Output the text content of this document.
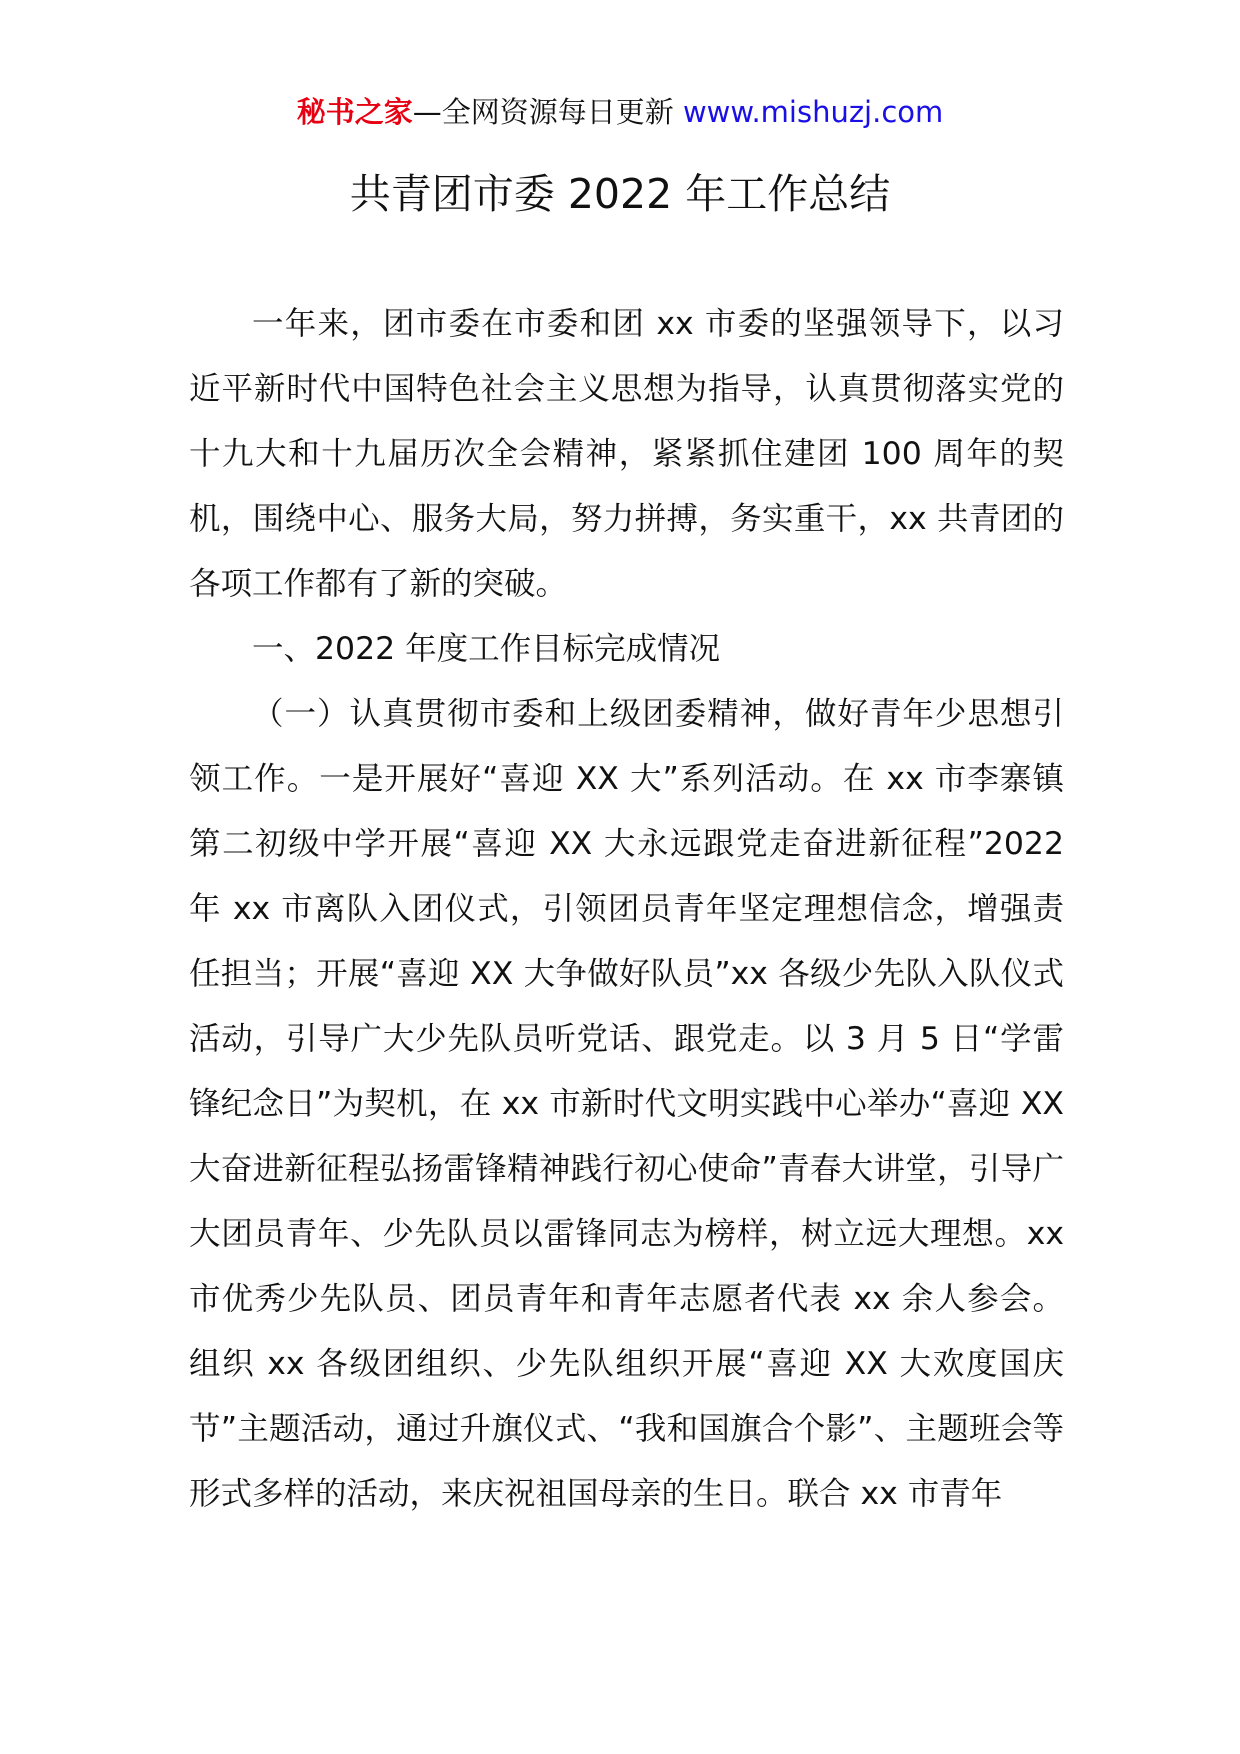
秘书之家—全网资源每日更新 www.mishuzj.com
共青团市委 2022 年工作总结

一年来，团市委在市委和团 xx 市委的坚强领导下，以习近平新时代中国特色社会主义思想为指导，认真贯彻落实党的十九大和十九届历次全会精神，紧紧抓住建团 100 周年的契机，围绕中心、服务大局，努力拼搏，务实重干，xx 共青团的各项工作都有了新的突破。

一、2022 年度工作目标完成情况

（一）认真贯彻市委和上级团委精神，做好青年少思想引领工作。一是开展好“喜迎 XX 大”系列活动。在 xx 市李寨镇第二初级中学开展“喜迎 XX 大永远跟党走奋进新征程”2022 年 xx 市离队入团仪式，引领团员青年坚定理想信念，增强责任担当；开展“喜迎 XX 大争做好队员”xx 各级少先队入队仪式活动，引导广大少先队员听党话、跟党走。以 3 月 5 日“学雷锋纪念日”为契机，在 xx 市新时代文明实践中心举办“喜迎 XX 大奋进新征程弘扬雷锋精神践行初心使命”青春大讲堂，引导广大团员青年、少先队员以雷锋同志为榜样，树立远大理想。xx 市优秀少先队员、团员青年和青年志愿者代表 xx 余人参会。组织 xx 各级团组织、少先队组织开展“喜迎 XX 大欢度国庆节”主题活动，通过升旗仪式、“我和国旗合个影”、主题班会等形式多样的活动，来庆祝祖国母亲的生日。联合 xx 市青年
